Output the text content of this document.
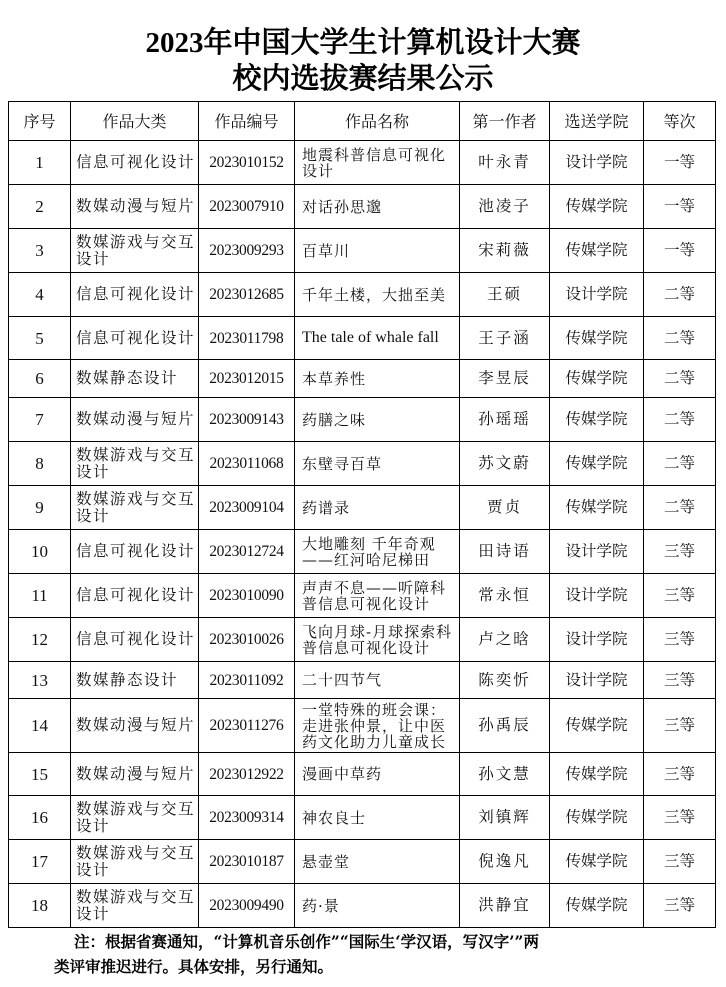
2023年中国大学生计算机设计大赛
校内选拔赛结果公示
序号	作品大类	作品编号	作品名称	第一作者	选送学院	等次
1	信息可视化设计	2023010152	地震科普信息可视化设计	叶永青	设计学院	一等
2	数媒动漫与短片	2023007910	对话孙思邈	池凌子	传媒学院	一等
3	数媒游戏与交互设计	2023009293	百草川	宋莉薇	传媒学院	一等
4	信息可视化设计	2023012685	千年土楼，大拙至美	王硕	设计学院	二等
5	信息可视化设计	2023011798	The tale of whale fall	王子涵	传媒学院	二等
6	数媒静态设计	2023012015	本草养性	李昱辰	传媒学院	二等
7	数媒动漫与短片	2023009143	药膳之味	孙瑶瑶	传媒学院	二等
8	数媒游戏与交互设计	2023011068	东壁寻百草	苏文蔚	传媒学院	二等
9	数媒游戏与交互设计	2023009104	药谱录	贾贞	传媒学院	二等
10	信息可视化设计	2023012724	大地雕刻 千年奇观——红河哈尼梯田	田诗语	设计学院	三等
11	信息可视化设计	2023010090	声声不息——听障科普信息可视化设计	常永恒	设计学院	三等
12	信息可视化设计	2023010026	飞向月球-月球探索科普信息可视化设计	卢之晗	设计学院	三等
13	数媒静态设计	2023011092	二十四节气	陈奕忻	设计学院	三等
14	数媒动漫与短片	2023011276	一堂特殊的班会课：走进张仲景，让中医药文化助力儿童成长	孙禹辰	传媒学院	三等
15	数媒动漫与短片	2023012922	漫画中草药	孙文慧	传媒学院	三等
16	数媒游戏与交互设计	2023009314	神农良士	刘镇辉	传媒学院	三等
17	数媒游戏与交互设计	2023010187	悬壶堂	倪逸凡	传媒学院	三等
18	数媒游戏与交互设计	2023009490	药·景	洪静宜	传媒学院	三等
注：根据省赛通知，“计算机音乐创作”“国际生‘学汉语，写汉字’”两
类评审推迟进行。具体安排，另行通知。
